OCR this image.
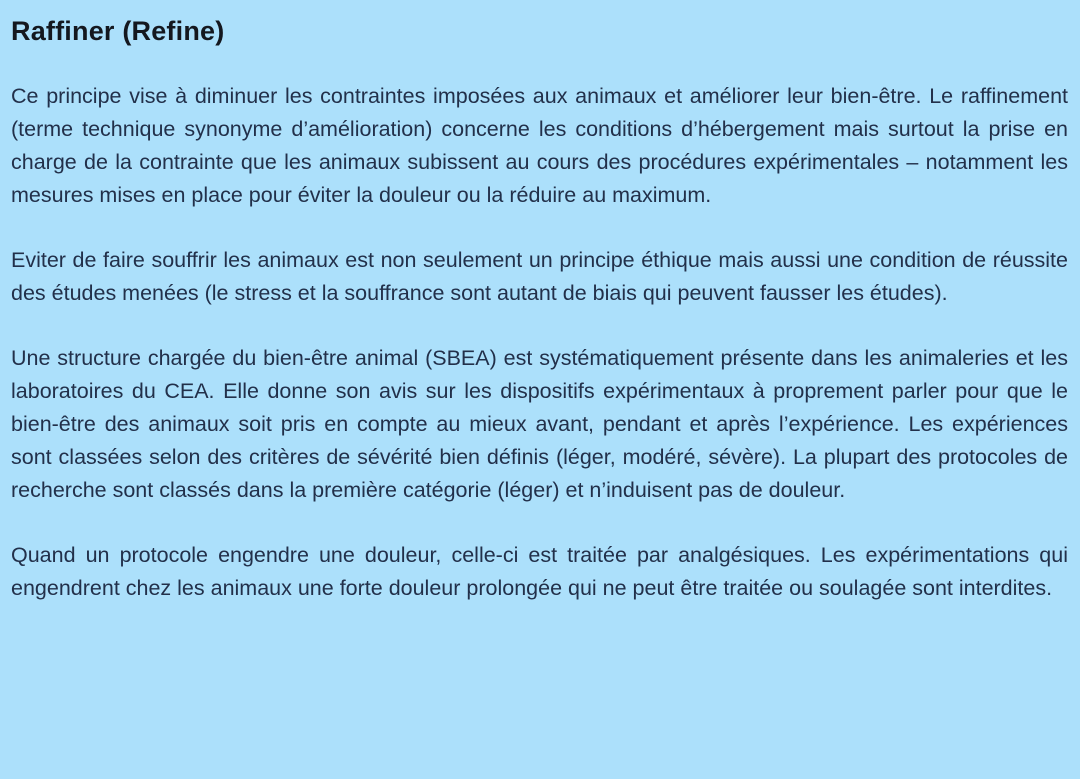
Raffiner (Refine)

Ce principe vise à diminuer les contraintes imposées aux animaux et améliorer leur bien-être. Le raffinement (terme technique synonyme d’amélioration) concerne les conditions d’hébergement mais surtout la prise en charge de la contrainte que les animaux subissent au cours des procédures expérimentales – notamment les mesures mises en place pour éviter la douleur ou la réduire au maximum.

Eviter de faire souffrir les animaux est non seulement un principe éthique mais aussi une condition de réussite des études menées (le stress et la souffrance sont autant de biais qui peuvent fausser les études).

Une structure chargée du bien-être animal (SBEA) est systématiquement présente dans les animaleries et les laboratoires du CEA. Elle donne son avis sur les dispositifs expérimentaux à proprement parler pour que le bien-être des animaux soit pris en compte au mieux avant, pendant et après l’expérience. Les expériences sont classées selon des critères de sévérité bien définis (léger, modéré, sévère). La plupart des protocoles de recherche sont classés dans la première catégorie (léger) et n’induisent pas de douleur.

Quand un protocole engendre une douleur, celle-ci est traitée par analgésiques. Les expérimentations qui engendrent chez les animaux une forte douleur prolongée qui ne peut être traitée ou soulagée sont interdites.
